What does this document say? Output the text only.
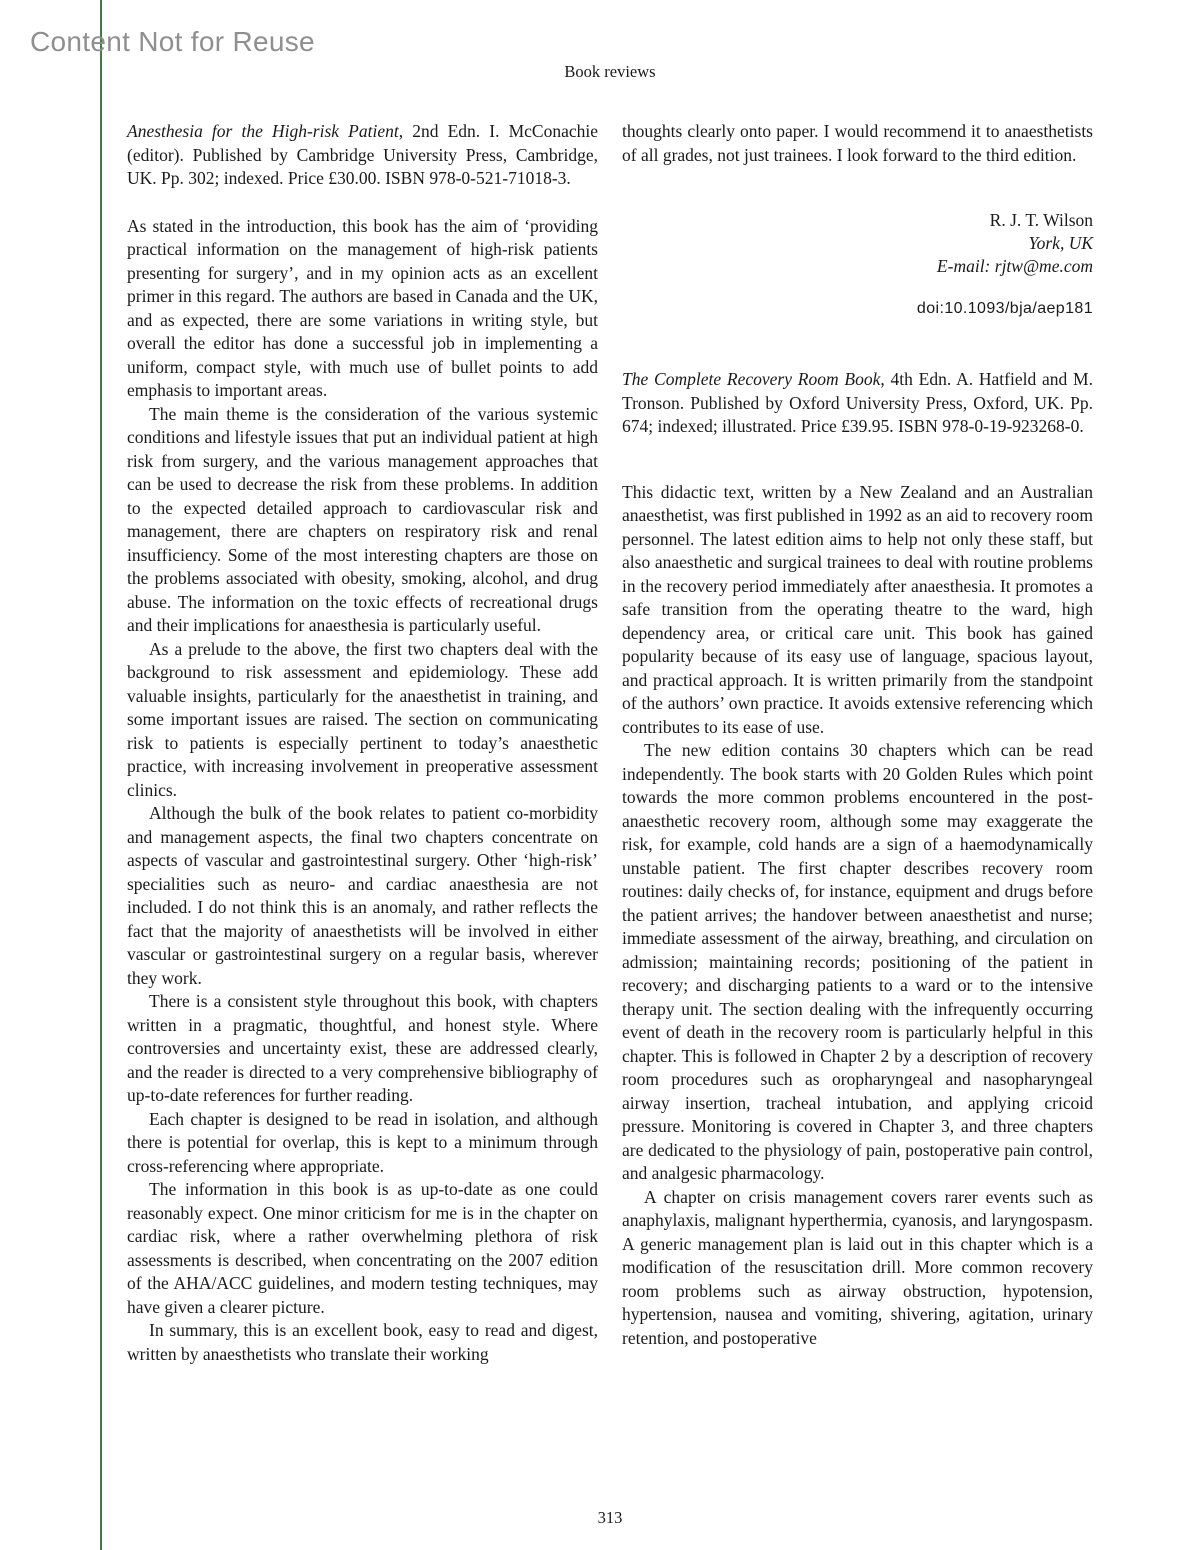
Content Not for Reuse
Book reviews

Anesthesia for the High-risk Patient, 2nd Edn. I. McConachie (editor). Published by Cambridge University Press, Cambridge, UK. Pp. 302; indexed. Price £30.00. ISBN 978-0-521-71018-3.

As stated in the introduction, this book has the aim of ‘providing practical information on the management of high-risk patients presenting for surgery’, and in my opinion acts as an excellent primer in this regard. The authors are based in Canada and the UK, and as expected, there are some variations in writing style, but overall the editor has done a successful job in implementing a uniform, compact style, with much use of bullet points to add emphasis to important areas.

The main theme is the consideration of the various systemic conditions and lifestyle issues that put an individual patient at high risk from surgery, and the various management approaches that can be used to decrease the risk from these problems. In addition to the expected detailed approach to cardiovascular risk and management, there are chapters on respiratory risk and renal insufficiency. Some of the most interesting chapters are those on the problems associated with obesity, smoking, alcohol, and drug abuse. The information on the toxic effects of recreational drugs and their implications for anaesthesia is particularly useful.

As a prelude to the above, the first two chapters deal with the background to risk assessment and epidemiology. These add valuable insights, particularly for the anaesthetist in training, and some important issues are raised. The section on communicating risk to patients is especially pertinent to today’s anaesthetic practice, with increasing involvement in preoperative assessment clinics.

Although the bulk of the book relates to patient co-morbidity and management aspects, the final two chapters concentrate on aspects of vascular and gastrointestinal surgery. Other ‘high-risk’ specialities such as neuro- and cardiac anaesthesia are not included. I do not think this is an anomaly, and rather reflects the fact that the majority of anaesthetists will be involved in either vascular or gastrointestinal surgery on a regular basis, wherever they work.

There is a consistent style throughout this book, with chapters written in a pragmatic, thoughtful, and honest style. Where controversies and uncertainty exist, these are addressed clearly, and the reader is directed to a very comprehensive bibliography of up-to-date references for further reading.

Each chapter is designed to be read in isolation, and although there is potential for overlap, this is kept to a minimum through cross-referencing where appropriate.

The information in this book is as up-to-date as one could reasonably expect. One minor criticism for me is in the chapter on cardiac risk, where a rather overwhelming plethora of risk assessments is described, when concentrating on the 2007 edition of the AHA/ACC guidelines, and modern testing techniques, may have given a clearer picture.

In summary, this is an excellent book, easy to read and digest, written by anaesthetists who translate their working

thoughts clearly onto paper. I would recommend it to anaesthetists of all grades, not just trainees. I look forward to the third edition.

R. J. T. Wilson
York, UK
E-mail: rjtw@me.com
doi:10.1093/bja/aep181

The Complete Recovery Room Book, 4th Edn. A. Hatfield and M. Tronson. Published by Oxford University Press, Oxford, UK. Pp. 674; indexed; illustrated. Price £39.95. ISBN 978-0-19-923268-0.

This didactic text, written by a New Zealand and an Australian anaesthetist, was first published in 1992 as an aid to recovery room personnel. The latest edition aims to help not only these staff, but also anaesthetic and surgical trainees to deal with routine problems in the recovery period immediately after anaesthesia. It promotes a safe transition from the operating theatre to the ward, high dependency area, or critical care unit. This book has gained popularity because of its easy use of language, spacious layout, and practical approach. It is written primarily from the standpoint of the authors’ own practice. It avoids extensive referencing which contributes to its ease of use.

The new edition contains 30 chapters which can be read independently. The book starts with 20 Golden Rules which point towards the more common problems encountered in the post-anaesthetic recovery room, although some may exaggerate the risk, for example, cold hands are a sign of a haemodynamically unstable patient. The first chapter describes recovery room routines: daily checks of, for instance, equipment and drugs before the patient arrives; the handover between anaesthetist and nurse; immediate assessment of the airway, breathing, and circulation on admission; maintaining records; positioning of the patient in recovery; and discharging patients to a ward or to the intensive therapy unit. The section dealing with the infrequently occurring event of death in the recovery room is particularly helpful in this chapter. This is followed in Chapter 2 by a description of recovery room procedures such as oropharyngeal and nasopharyngeal airway insertion, tracheal intubation, and applying cricoid pressure. Monitoring is covered in Chapter 3, and three chapters are dedicated to the physiology of pain, postoperative pain control, and analgesic pharmacology.

A chapter on crisis management covers rarer events such as anaphylaxis, malignant hyperthermia, cyanosis, and laryngospasm. A generic management plan is laid out in this chapter which is a modification of the resuscitation drill. More common recovery room problems such as airway obstruction, hypotension, hypertension, nausea and vomiting, shivering, agitation, urinary retention, and postoperative

313
